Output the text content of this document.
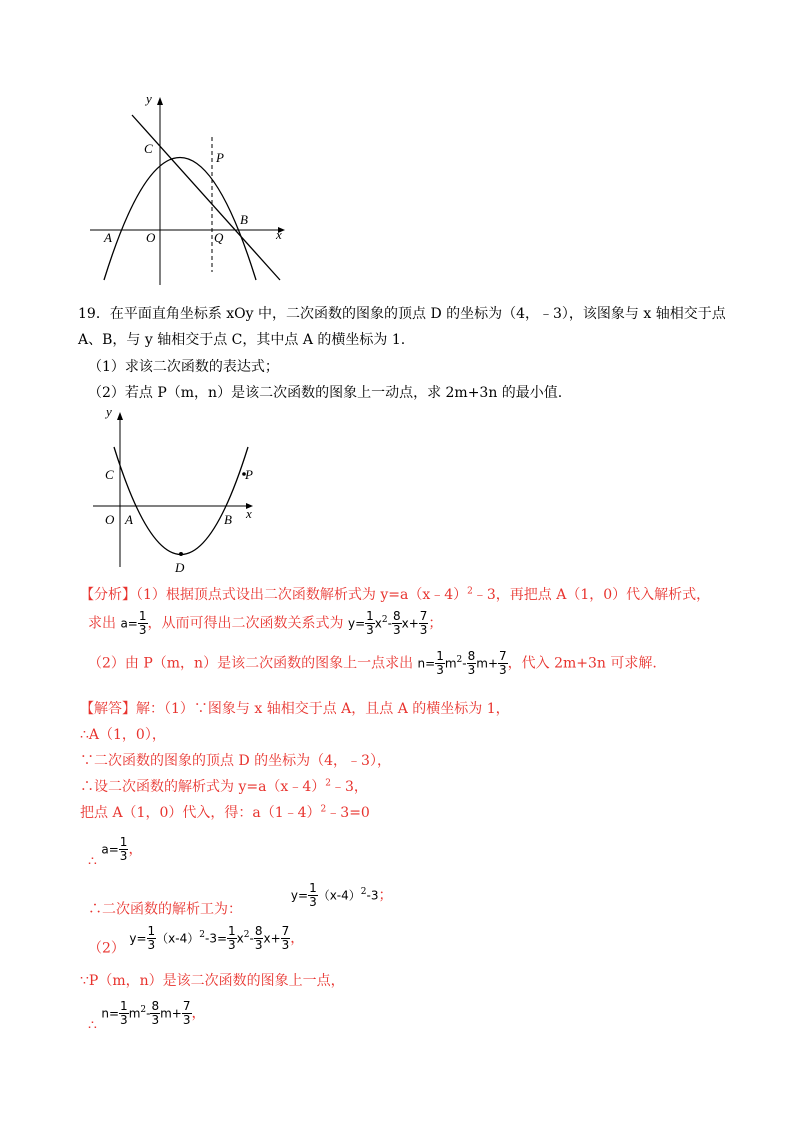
y
x
C
P
B
A	O	Q
19．在平面直角坐标系 xOy 中，二次函数的图象的顶点 D 的坐标为（4，﹣3），该图象与 x 轴相交于点
A、B，与 y 轴相交于点 C，其中点 A 的横坐标为 1.
（1）求该二次函数的表达式；
（2）若点 P（m，n）是该二次函数的图象上一动点，求 2m+3n 的最小值.
y
x
C	P
O A	B
D
【分析】（1）根据顶点式设出二次函数解析式为 y=a（x﹣4）$^2$﹣3，再把点 A（1，0）代入解析式，
求出 $a= \frac{1}{3}$ ，从而可得出二次函数关系式为 $y= \frac{1}{3} x^2- \frac{8}{3} x+ \frac{7}{3}$ ；
（2）由 P（m，n）是该二次函数的图象上一点求出 $n= \frac{1}{3} m^2- \frac{8}{3} m+ \frac{7}{3}$ ，代入 2m+3n 可求解.
【解答】解：（1）∵图象与 x 轴相交于点 A，且点 A 的横坐标为 1，
∴A（1，0），
∵二次函数的图象的顶点 D 的坐标为（4，﹣3），
∴设二次函数的解析式为 y=a（x﹣4）$^2$﹣3，
把点 A（1，0）代入，得：a（1﹣4）$^2$﹣3=0
∴ $a= \frac{1}{3}$ ，
∴二次函数的解析工为：  $y= \frac{1}{3} (x-4)^2-3$；
（2） $y= \frac{1}{3} (x-4)^2-3= \frac{1}{3} x^2- \frac{8}{3} x+ \frac{7}{3}$ ，
∵P（m，n）是该二次函数的图象上一点，
∴ $n= \frac{1}{3} m^2- \frac{8}{3} m+ \frac{7}{3}$ ，
